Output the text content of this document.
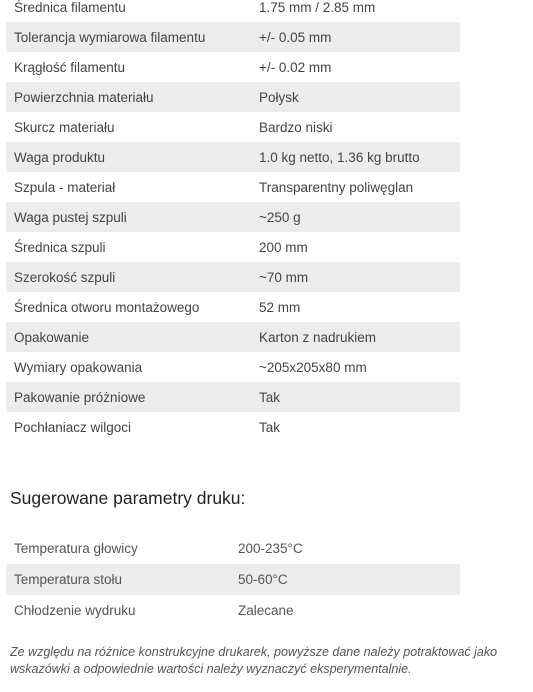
Średnica filamentu	1.75 mm / 2.85 mm
Tolerancja wymiarowa filamentu	+/- 0.05 mm
Krągłość filamentu	+/- 0.02 mm
Powierzchnia materiału	Połysk
Skurcz materiału	Bardzo niski
Waga produktu	1.0 kg netto, 1.36 kg brutto
Szpula - materiał	Transparentny poliwęglan
Waga pustej szpuli	~250 g
Średnica szpuli	200 mm
Szerokość szpuli	~70 mm
Średnica otworu montażowego	52 mm
Opakowanie	Karton z nadrukiem
Wymiary opakowania	~205x205x80 mm
Pakowanie próżniowe	Tak
Pochłaniacz wilgoci	Tak
Sugerowane parametry druku:
Temperatura głowicy	200-235°C
Temperatura stołu	50-60°C
Chłodzenie wydruku	Zalecane

Ze względu na różnice konstrukcyjne drukarek, powyższe dane należy potraktować jako wskazówki a odpowiednie wartości należy wyznaczyć eksperymentalnie.
